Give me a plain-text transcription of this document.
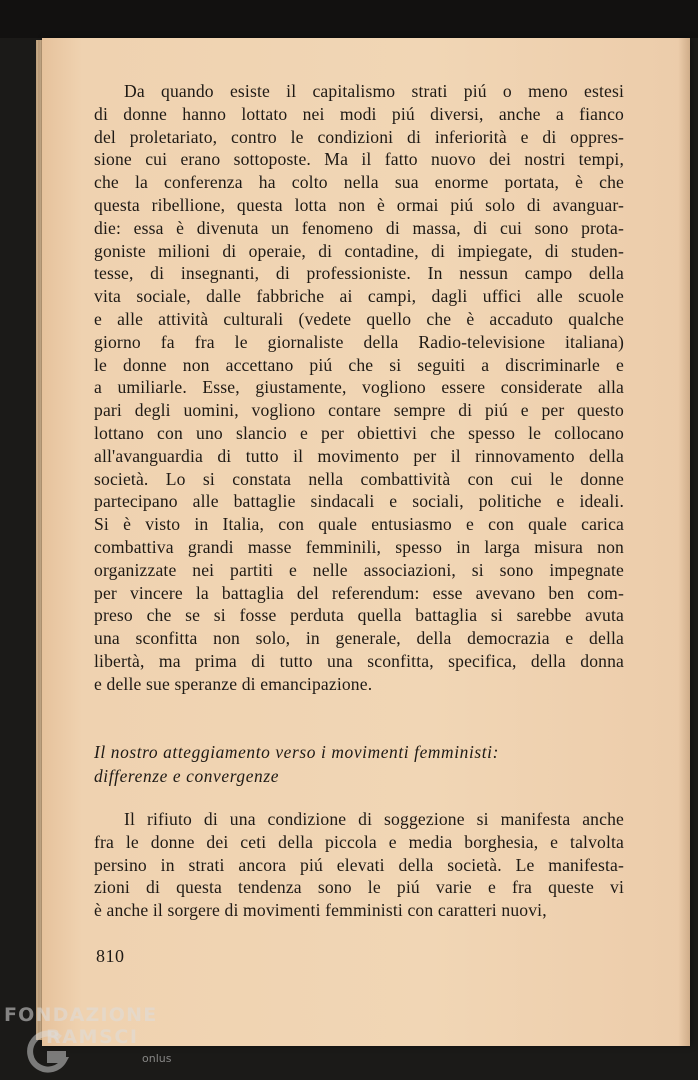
Da quando esiste il capitalismo strati piú o meno estesi
di donne hanno lottato nei modi piú diversi, anche a fianco
del proletariato, contro le condizioni di inferiorità e di oppres-
sione cui erano sottoposte. Ma il fatto nuovo dei nostri tempi,
che la conferenza ha colto nella sua enorme portata, è che
questa ribellione, questa lotta non è ormai piú solo di avanguar-
die: essa è divenuta un fenomeno di massa, di cui sono prota-
goniste milioni di operaie, di contadine, di impiegate, di studen-
tesse, di insegnanti, di professioniste. In nessun campo della
vita sociale, dalle fabbriche ai campi, dagli uffici alle scuole
e alle attività culturali (vedete quello che è accaduto qualche
giorno fa fra le giornaliste della Radio-televisione italiana)
le donne non accettano piú che si seguiti a discriminarle e
a umiliarle. Esse, giustamente, vogliono essere considerate alla
pari degli uomini, vogliono contare sempre di piú e per questo
lottano con uno slancio e per obiettivi che spesso le collocano
all'avanguardia di tutto il movimento per il rinnovamento della
società. Lo si constata nella combattività con cui le donne
partecipano alle battaglie sindacali e sociali, politiche e ideali.
Si è visto in Italia, con quale entusiasmo e con quale carica
combattiva grandi masse femminili, spesso in larga misura non
organizzate nei partiti e nelle associazioni, si sono impegnate
per vincere la battaglia del referendum: esse avevano ben com-
preso che se si fosse perduta quella battaglia si sarebbe avuta
una sconfitta non solo, in generale, della democrazia e della
libertà, ma prima di tutto una sconfitta, specifica, della donna
e delle sue speranze di emancipazione.
Il nostro atteggiamento verso i movimenti femministi:
differenze e convergenze
Il rifiuto di una condizione di soggezione si manifesta anche
fra le donne dei ceti della piccola e media borghesia, e talvolta
persino in strati ancora piú elevati della società. Le manifesta-
zioni di questa tendenza sono le piú varie e fra queste vi
è anche il sorgere di movimenti femministi con caratteri nuovi,
810
FONDAZIONE
RAMSCI
onlus
